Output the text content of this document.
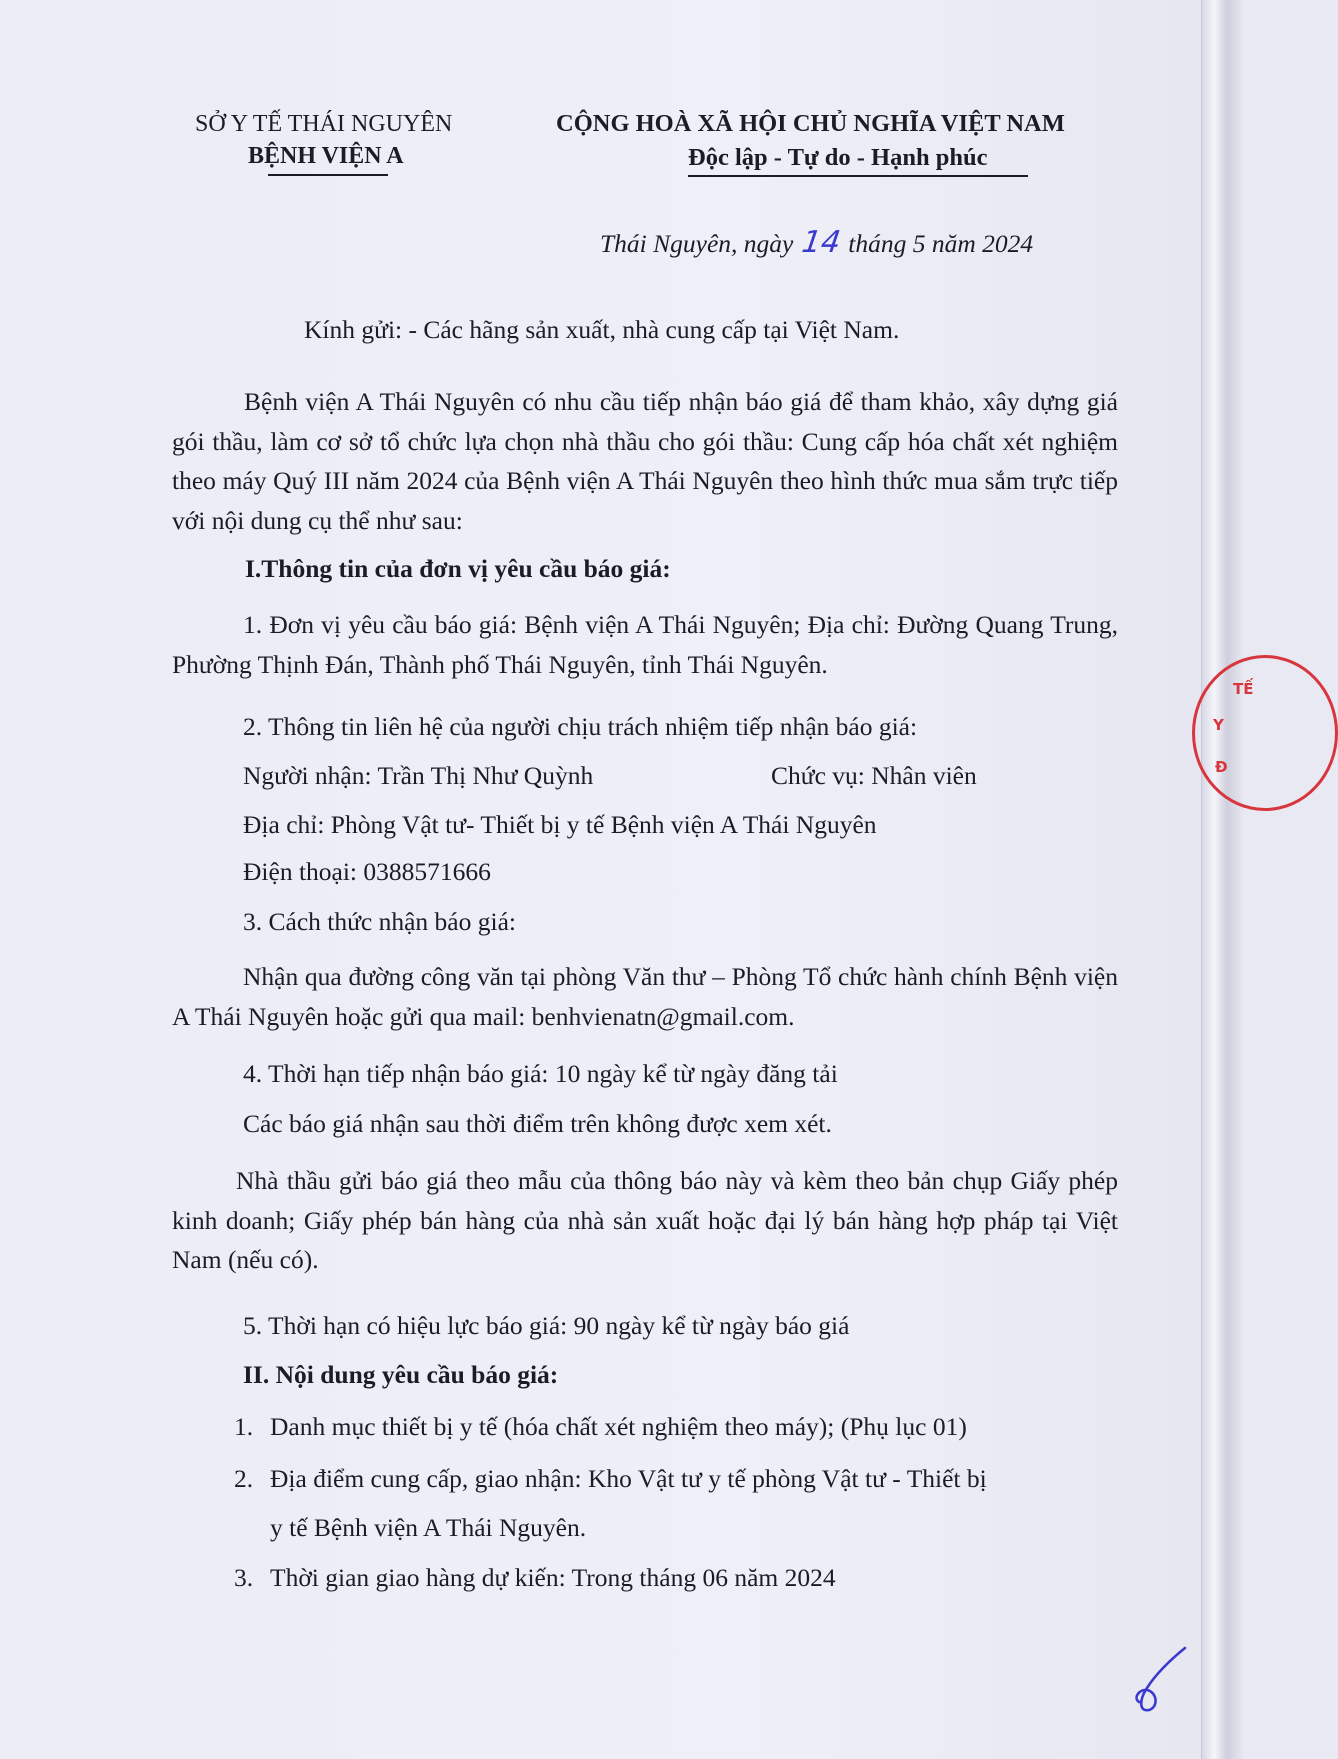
SỞ Y TẾ THÁI NGUYÊN
BỆNH VIỆN A
CỘNG HOÀ XÃ HỘI CHỦ NGHĨA VIỆT NAM
Độc lập - Tự do - Hạnh phúc
Thái Nguyên, ngày 14 tháng 5 năm 2024
Kính gửi: - Các hãng sản xuất, nhà cung cấp tại Việt Nam.
Bệnh viện A Thái Nguyên có nhu cầu tiếp nhận báo giá để tham khảo, xây dựng giá gói thầu, làm cơ sở tổ chức lựa chọn nhà thầu cho gói thầu: Cung cấp hóa chất xét nghiệm theo máy Quý III năm 2024 của Bệnh viện A Thái Nguyên theo hình thức mua sắm trực tiếp với nội dung cụ thể như sau:
I.Thông tin của đơn vị yêu cầu báo giá:
1. Đơn vị yêu cầu báo giá: Bệnh viện A Thái Nguyên; Địa chỉ: Đường Quang Trung, Phường Thịnh Đán, Thành phố Thái Nguyên, tỉnh Thái Nguyên.
2. Thông tin liên hệ của người chịu trách nhiệm tiếp nhận báo giá:
Người nhận: Trần Thị Như Quỳnh	Chức vụ: Nhân viên
Địa chỉ: Phòng Vật tư- Thiết bị y tế Bệnh viện A Thái Nguyên
Điện thoại: 0388571666
3. Cách thức nhận báo giá:
Nhận qua đường công văn tại phòng Văn thư – Phòng Tổ chức hành chính Bệnh viện A Thái Nguyên hoặc gửi qua mail: benhvienatn@gmail.com.
4. Thời hạn tiếp nhận báo giá: 10 ngày kể từ ngày đăng tải
Các báo giá nhận sau thời điểm trên không được xem xét.
Nhà thầu gửi báo giá theo mẫu của thông báo này và kèm theo bản chụp Giấy phép kinh doanh; Giấy phép bán hàng của nhà sản xuất hoặc đại lý bán hàng hợp pháp tại Việt Nam (nếu có).
5. Thời hạn có hiệu lực báo giá: 90 ngày kể từ ngày báo giá
II. Nội dung yêu cầu báo giá:
1. Danh mục thiết bị y tế (hóa chất xét nghiệm theo máy); (Phụ lục 01)
2. Địa điểm cung cấp, giao nhận: Kho Vật tư y tế phòng Vật tư - Thiết bị
y tế Bệnh viện A Thái Nguyên.
3. Thời gian giao hàng dự kiến: Trong tháng 06 năm 2024
Y
TẾ
Đ
